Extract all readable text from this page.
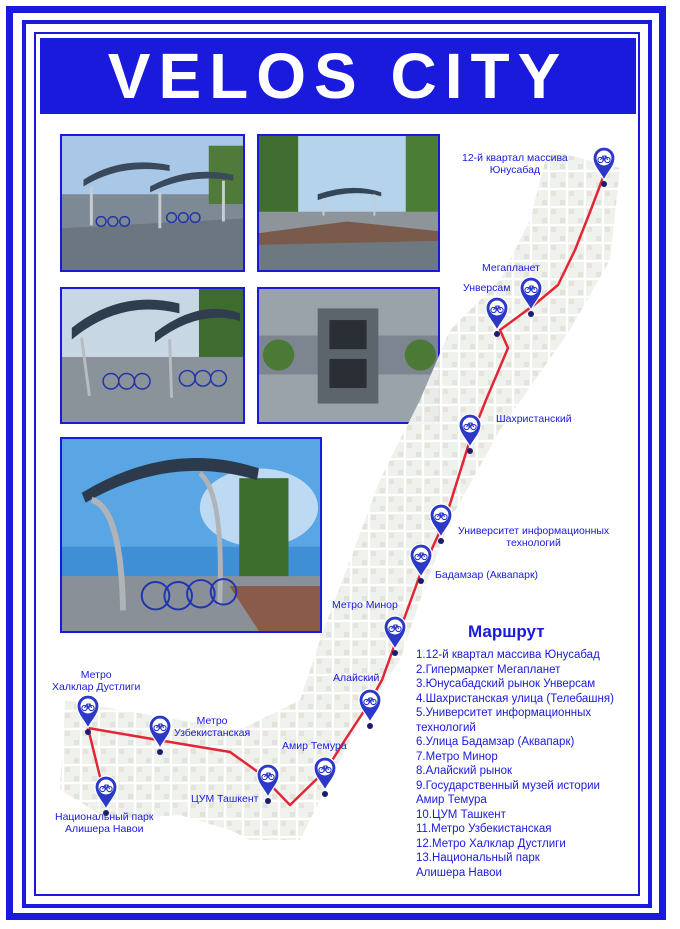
VELOS CITY
12-й квартал массива
Юнусабад
Мегапланет
Унверсам
Шахристанский
Университет информационных
технологий
Бадамзар (Аквапарк)
Метро Минор
Алайский
Амир Темура
ЦУМ Ташкент
Метро
Узбекистанская
Метро
Халклар Дустлиги
Национальный парк
Алишера Навои
Маршрут
1.12-й квартал массива Юнусабад
2.Гипермаркет Мегапланет
3.Юнусабадский рынок Унверсам
4.Шахристанская улица (Телебашня)
5.Университет информационных
технологий
6.Улица Бадамзар (Аквапарк)
7.Метро Минор
8.Алайский рынок
9.Государственный музей истории
Амир Темура
10.ЦУМ Ташкент
11.Метро Узбекистанская
12.Метро Халклар Дустлиги
13.Национальный парк
Алишера Навои
